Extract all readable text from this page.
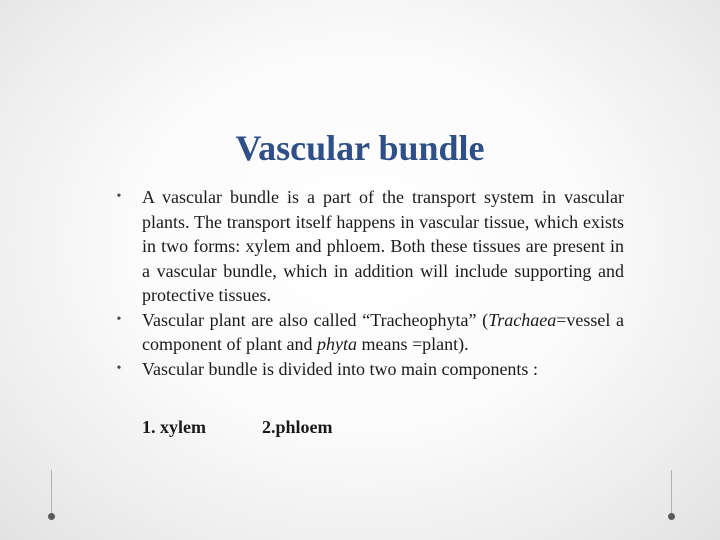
Vascular bundle
•	A vascular bundle is a part of the transport system in vascular plants. The transport itself happens in vascular tissue, which exists in two forms: xylem and phloem. Both these tissues are present in a vascular bundle, which in addition will include supporting and protective tissues.
•	Vascular plant are also called “Tracheophyta” (Trachaea=vessel a component of plant and phyta means =plant).
•	Vascular bundle is divided into two main components :
1. xylem	2.phloem
